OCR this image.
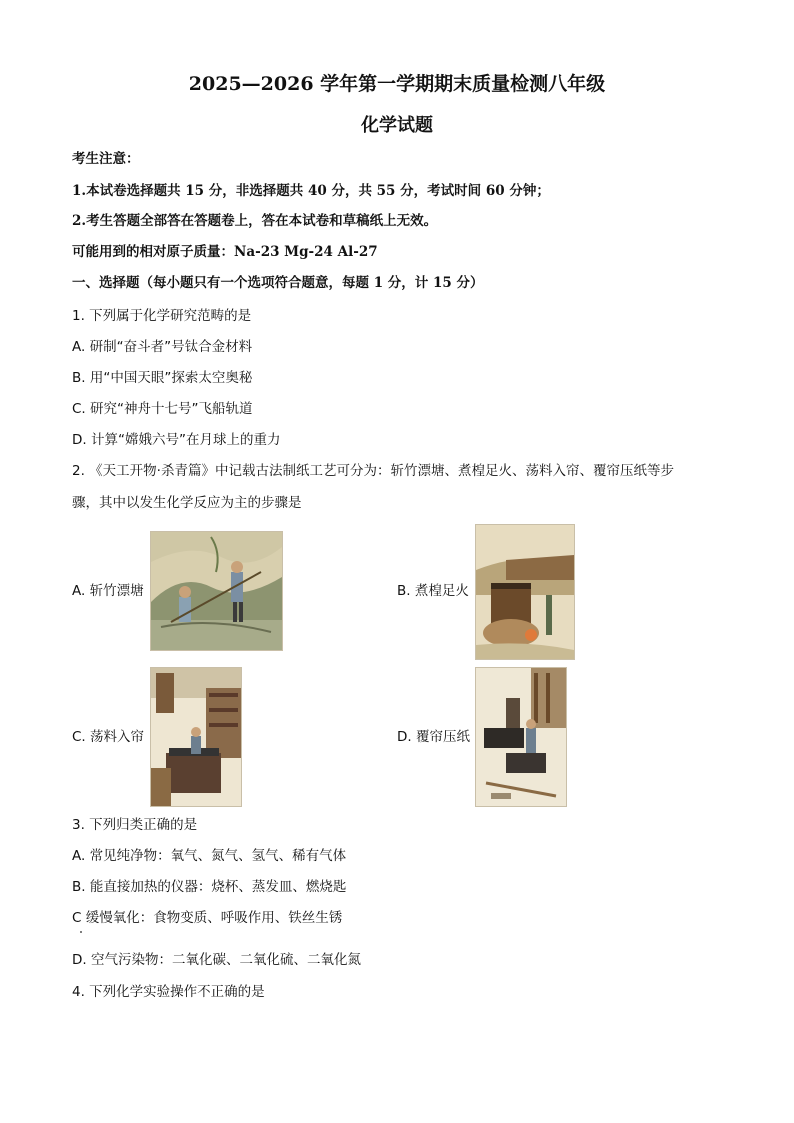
2025—2026 学年第一学期期末质量检测八年级
化学试题
考生注意：
1.本试卷选择题共 15 分，非选择题共 40 分，共 55 分，考试时间 60 分钟；
2.考生答题全部答在答题卷上，答在本试卷和草稿纸上无效。
可能用到的相对原子质量：Na-23 Mg-24 Al-27
一、选择题（每小题只有一个选项符合题意，每题 1 分，计 15 分）
1. 下列属于化学研究范畴的是
A. 研制“奋斗者”号钛合金材料
B. 用“中国天眼”探索太空奥秘
C. 研究“神舟十七号”飞船轨道
D. 计算“嫦娥六号”在月球上的重力
2. 《天工开物·杀青篇》中记载古法制纸工艺可分为：斩竹漂塘、煮楻足火、荡料入帘、覆帘压纸等步
骤，其中以发生化学反应为主的步骤是
A. 斩竹漂塘	B. 煮楻足火
C. 荡料入帘	D. 覆帘压纸
3. 下列归类正确的是
A. 常见纯净物：氧气、氮气、氢气、稀有气体
B. 能直接加热的仪器：烧杯、蒸发皿、燃烧匙
C 缓慢氧化：食物变质、呼吸作用、铁丝生锈
D. 空气污染物：二氧化碳、二氧化硫、二氧化氮
4. 下列化学实验操作不正确的是
